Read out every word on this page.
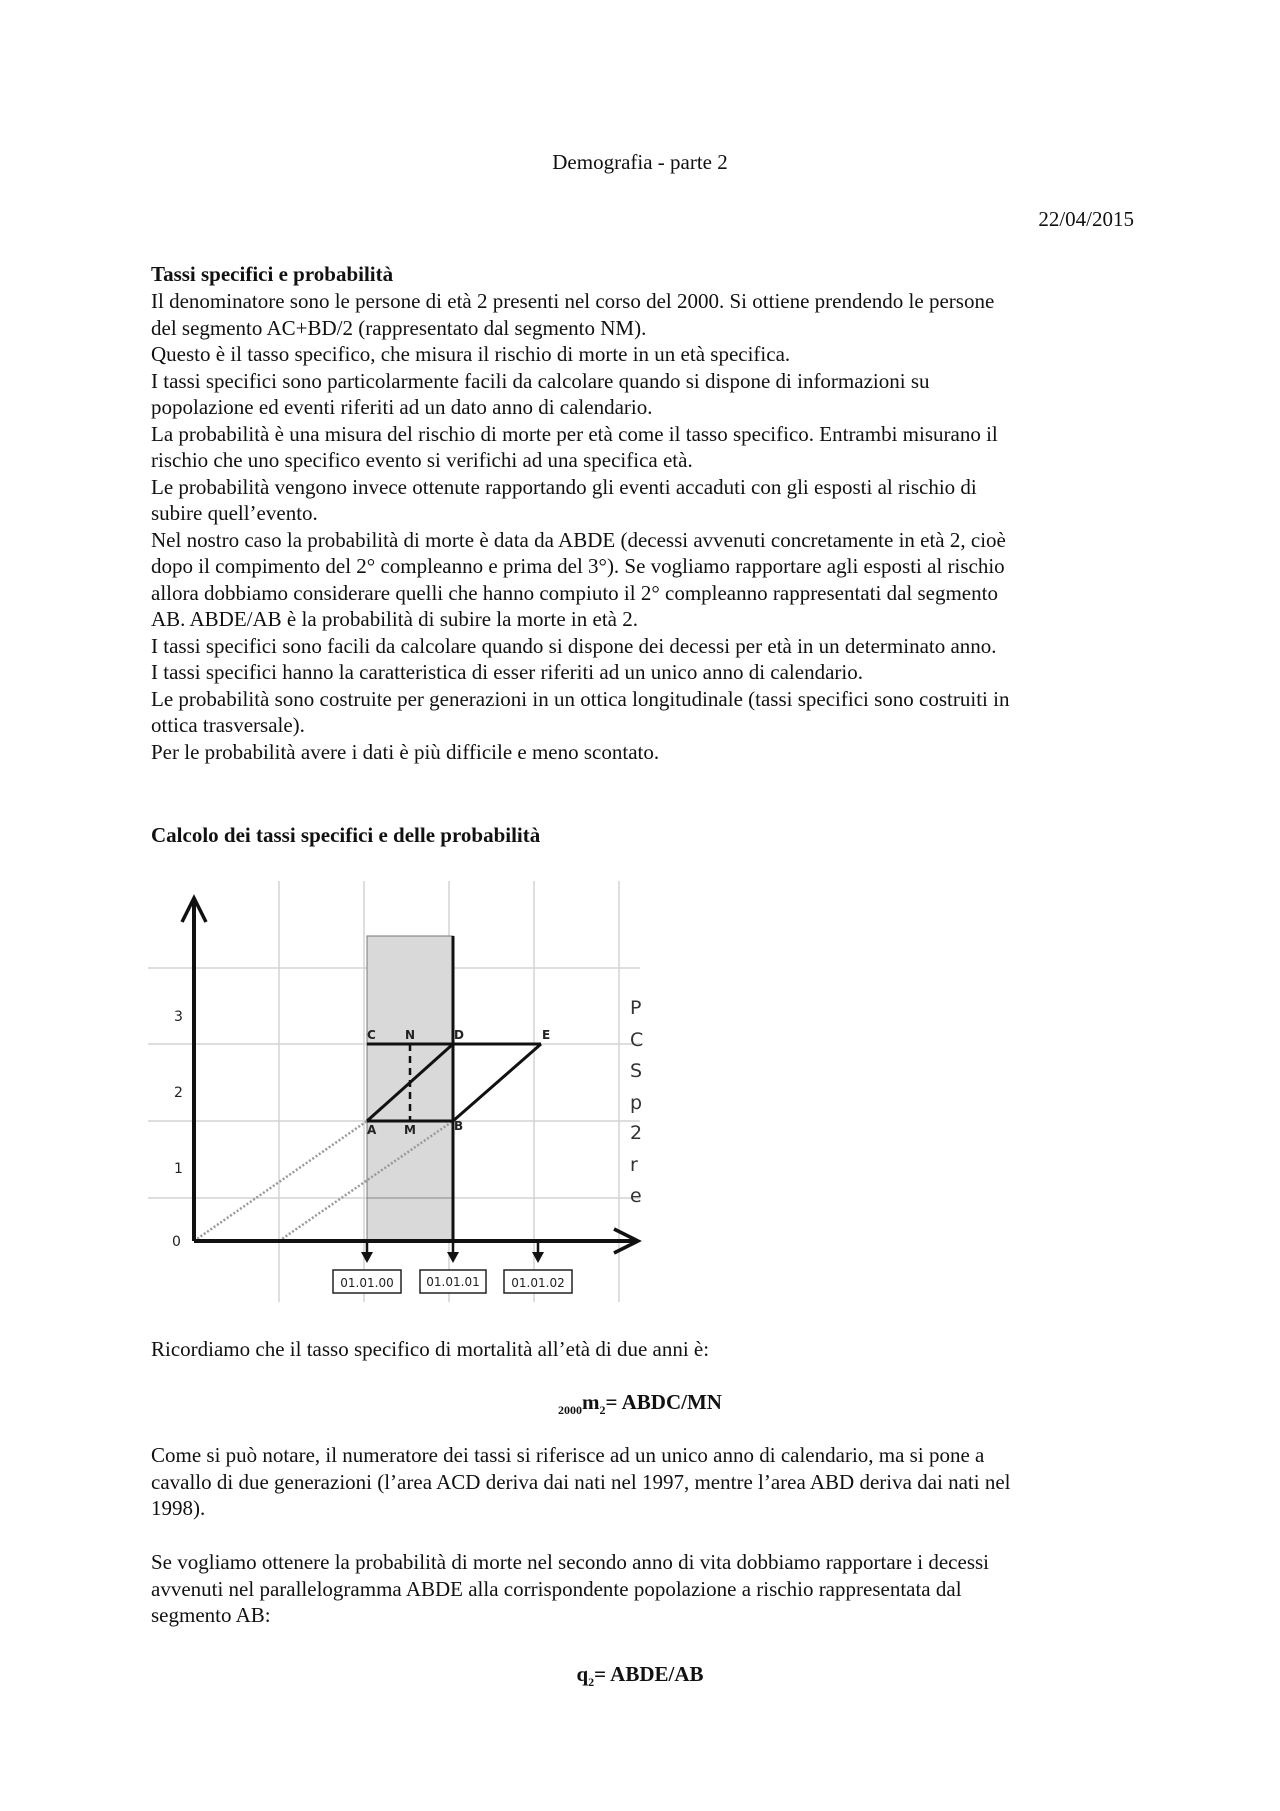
Demografia - parte 2
22/04/2015
Tassi specifici e probabilità

Il denominatore sono le persone di età 2 presenti nel corso del 2000. Si ottiene prendendo le persone

del segmento AC+BD/2 (rappresentato dal segmento NM).

Questo è il tasso specifico, che misura il rischio di morte in un età specifica.

I tassi specifici sono particolarmente facili da calcolare quando si dispone di informazioni su

popolazione ed eventi riferiti ad un dato anno di calendario.

La probabilità è una misura del rischio di morte per età come il tasso specifico. Entrambi misurano il

rischio che uno specifico evento si verifichi ad una specifica età.

Le probabilità vengono invece ottenute rapportando gli eventi accaduti con gli esposti al rischio di

subire quell’evento.

Nel nostro caso la probabilità di morte è data da ABDE (decessi avvenuti concretamente in età 2, cioè

dopo il compimento del 2° compleanno e prima del 3°). Se vogliamo rapportare agli esposti al rischio

allora dobbiamo considerare quelli che hanno compiuto il 2° compleanno rappresentati dal segmento

AB. ABDE/AB è la probabilità di subire la morte in età 2.

I tassi specifici sono facili da calcolare quando si dispone dei decessi per età in un determinato anno.

I tassi specifici hanno la caratteristica di esser riferiti ad un unico anno di calendario.

Le probabilità sono costruite per generazioni in un ottica longitudinale (tassi specifici sono costruiti in

ottica trasversale).

Per le probabilità avere i dati è più difficile e meno scontato.

Calcolo dei tassi specifici e delle probabilità
0
1
2
3
A M	B
C N	D	E
P
C
S
p
2
r
e
01.01.00	01.01.01	01.01.02

Ricordiamo che il tasso specifico di mortalità all’età di due anni è:

$_{2000}m_2=$ ABDC/MN

Come si può notare, il numeratore dei tassi si riferisce ad un unico anno di calendario, ma si pone a

cavallo di due generazioni (l’area ACD deriva dai nati nel 1997, mentre l’area ABD deriva dai nati nel

1998).

Se vogliamo ottenere la probabilità di morte nel secondo anno di vita dobbiamo rapportare i decessi

avvenuti nel parallelogramma ABDE alla corrispondente popolazione a rischio rappresentata dal

segmento AB:

$q_2=$ ABDE/AB
